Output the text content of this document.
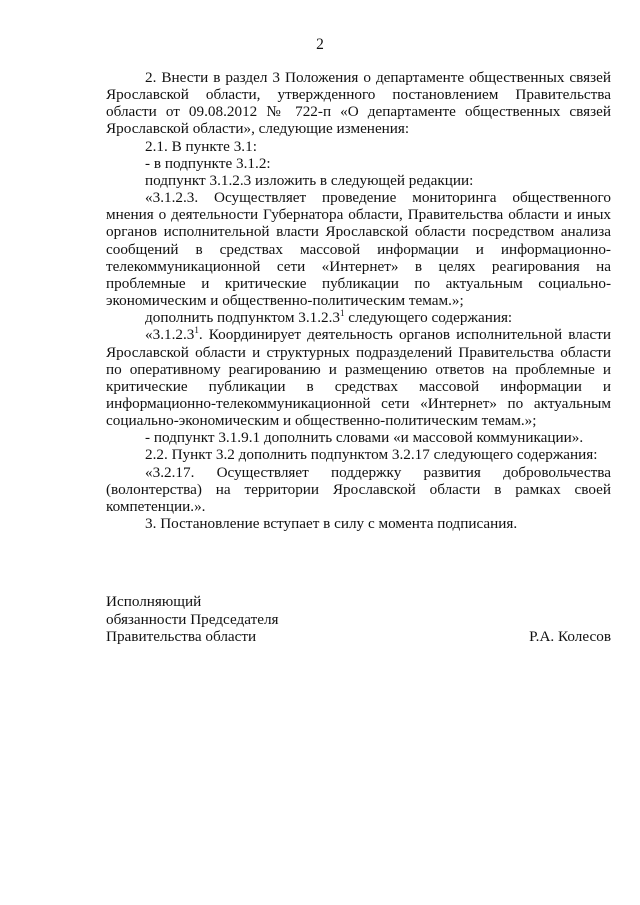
2

2. Внести в раздел 3 Положения о департаменте общественных связей Ярославской области, утвержденного постановлением Правительства области от 09.08.2012 № 722-п «О департаменте общественных связей Ярославской области», следующие изменения:

2.1. В пункте 3.1:

- в подпункте 3.1.2:

подпункт 3.1.2.3 изложить в следующей редакции:

«3.1.2.3. Осуществляет проведение мониторинга общественного мнения о деятельности Губернатора области, Правительства области и иных органов исполнительной власти Ярославской области посредством анализа сообщений в средствах массовой информации и информационно-телекоммуникационной сети «Интернет» в целях реагирования на проблемные и критические публикации по актуальным социально-экономическим и общественно-политическим темам.»;

дополнить подпунктом 3.1.2.3$^1$ следующего содержания:

«3.1.2.3$^1$. Координирует деятельность органов исполнительной власти Ярославской области и структурных подразделений Правительства области по оперативному реагированию и размещению ответов на проблемные и критические публикации в средствах массовой информации и информационно-телекоммуникационной сети «Интернет» по актуальным социально-экономическим и общественно-политическим темам.»;

- подпункт 3.1.9.1 дополнить словами «и массовой коммуникации».

2.2. Пункт 3.2 дополнить подпунктом 3.2.17 следующего содержания:

«3.2.17. Осуществляет поддержку развития добровольчества (волонтерства) на территории Ярославской области в рамках своей компетенции.».

3. Постановление вступает в силу с момента подписания.

Исполняющий
обязанности Председателя
Правительства области	Р.А. Колесов
